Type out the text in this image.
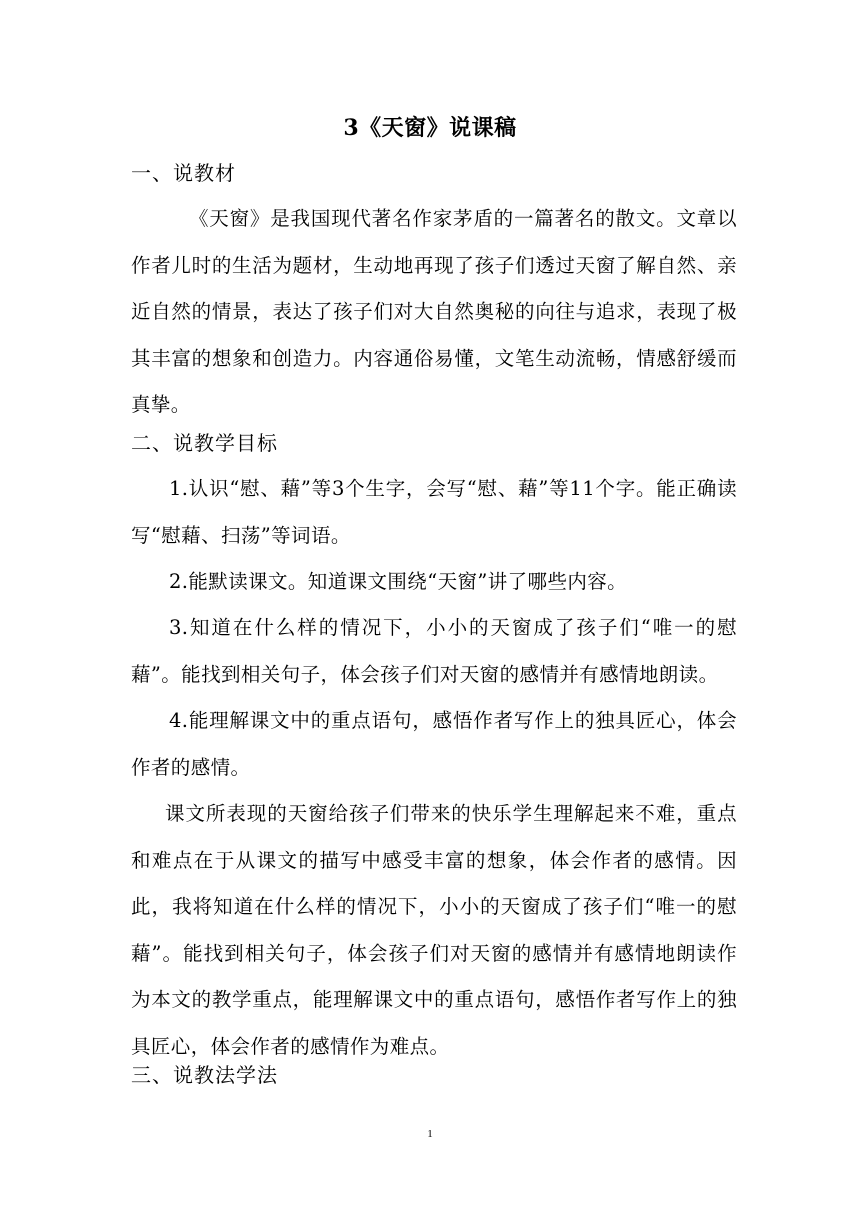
3《天窗》说课稿
一、说教材

《天窗》是我国现代著名作家茅盾的一篇著名的散文。文章以作者儿时的生活为题材，生动地再现了孩子们透过天窗了解自然、亲近自然的情景，表达了孩子们对大自然奥秘的向往与追求，表现了极其丰富的想象和创造力。内容通俗易懂，文笔生动流畅，情感舒缓而真挚。

二、说教学目标

1.认识“慰、藉”等3个生字，会写“慰、藉”等11个字。能正确读写“慰藉、扫荡”等词语。

2.能默读课文。知道课文围绕“天窗”讲了哪些内容。

3.知道在什么样的情况下，小小的天窗成了孩子们“唯一的慰藉”。能找到相关句子，体会孩子们对天窗的感情并有感情地朗读。

4.能理解课文中的重点语句，感悟作者写作上的独具匠心，体会作者的感情。

课文所表现的天窗给孩子们带来的快乐学生理解起来不难，重点和难点在于从课文的描写中感受丰富的想象，体会作者的感情。因此，我将知道在什么样的情况下，小小的天窗成了孩子们“唯一的慰藉”。能找到相关句子，体会孩子们对天窗的感情并有感情地朗读作为本文的教学重点，能理解课文中的重点语句，感悟作者写作上的独具匠心，体会作者的感情作为难点。

三、说教法学法
1
